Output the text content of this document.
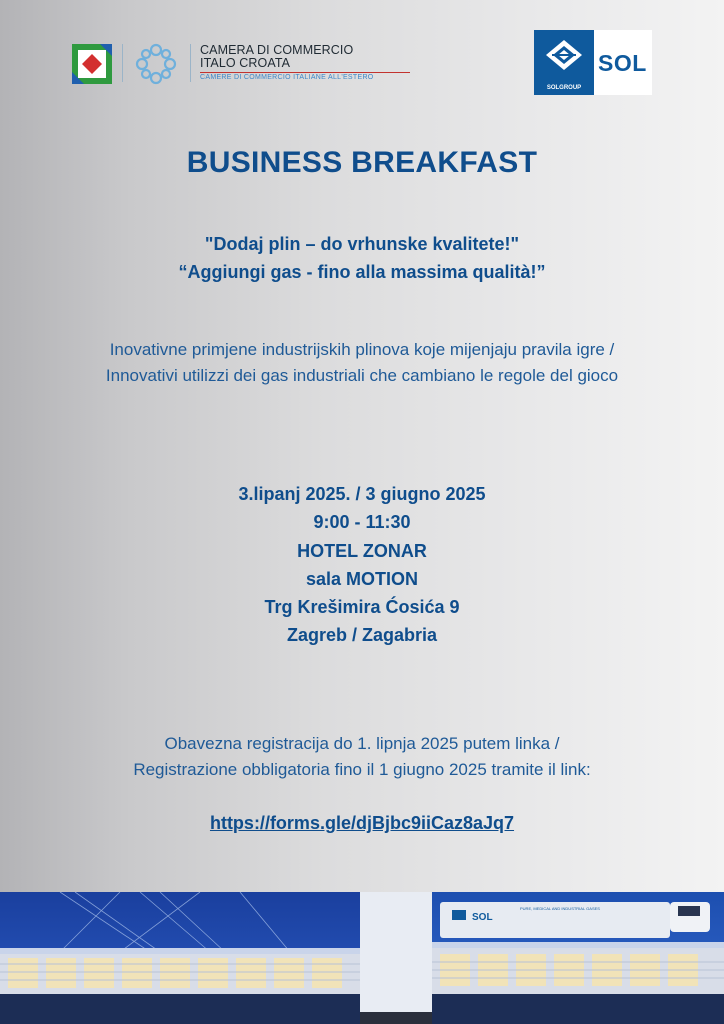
CAMERA DI COMMERCIO
ITALO CROATA
CAMERE DI COMMERCIO ITALIANE ALL'ESTERO
SOLGROUP
SOL
BUSINESS BREAKFAST
"Dodaj plin – do vrhunske kvalitete!"
“Aggiungi gas - fino alla massima qualità!”
Inovativne primjene industrijskih plinova koje mijenjaju pravila igre /
Innovativi utilizzi dei gas industriali che cambiano le regole del gioco
3.lipanj 2025. / 3 giugno 2025
9:00 - 11:30
HOTEL ZONAR
sala MOTION
Trg Krešimira Ćosića 9
Zagreb / Zagabria
Obavezna registracija do 1. lipnja 2025 putem linka /
Registrazione obbligatoria fino il 1 giugno 2025 tramite il link:
https://forms.gle/djBjbc9iiCaz8aJq7
SOL
PURE, MEDICAL AND INDUSTRIAL GASES
